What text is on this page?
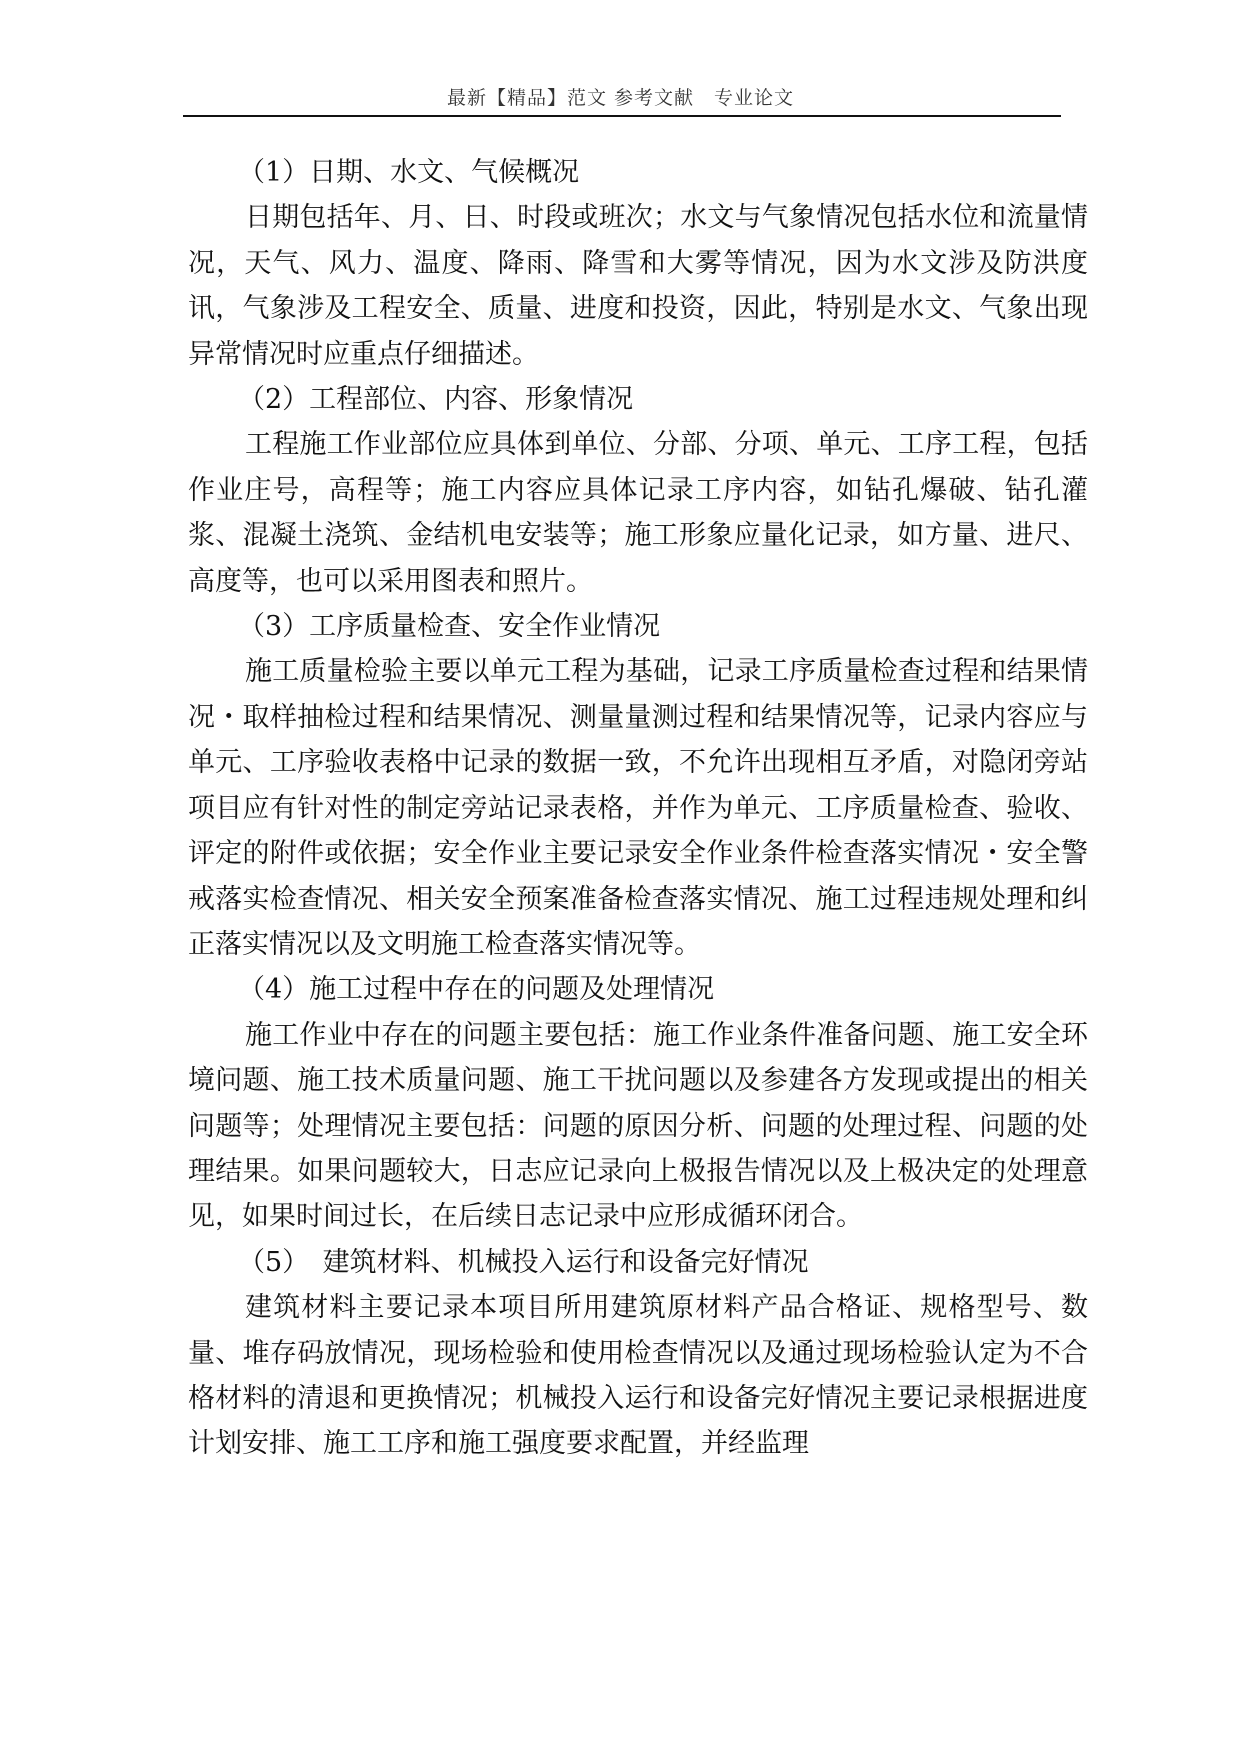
最新【精品】范文 参考文献　专业论文

（1）日期、水文、气候概况

日期包括年、月、日、时段或班次；水文与气象情况包括水位和流量情况，天气、风力、温度、降雨、降雪和大雾等情况，因为水文涉及防洪度讯，气象涉及工程安全、质量、进度和投资，因此，特别是水文、气象出现异常情况时应重点仔细描述。

（2）工程部位、内容、形象情况

工程施工作业部位应具体到单位、分部、分项、单元、工序工程，包括作业庄号，高程等；施工内容应具体记录工序内容，如钻孔爆破、钻孔灌浆、混凝土浇筑、金结机电安装等；施工形象应量化记录，如方量、进尺、高度等，也可以采用图表和照片。

（3）工序质量检查、安全作业情况

施工质量检验主要以单元工程为基础，记录工序质量检查过程和结果情况・取样抽检过程和结果情况、测量量测过程和结果情况等，记录内容应与单元、工序验收表格中记录的数据一致，不允许出现相互矛盾，对隐闭旁站项目应有针对性的制定旁站记录表格，并作为单元、工序质量检查、验收、评定的附件或依据；安全作业主要记录安全作业条件检查落实情况・安全警戒落实检查情况、相关安全预案准备检查落实情况、施工过程违规处理和纠正落实情况以及文明施工检查落实情况等。

（4）施工过程中存在的问题及处理情况

施工作业中存在的问题主要包括：施工作业条件准备问题、施工安全环境问题、施工技术质量问题、施工干扰问题以及参建各方发现或提出的相关问题等；处理情况主要包括：问题的原因分析、问题的处理过程、问题的处理结果。如果问题较大，日志应记录向上极报告情况以及上极决定的处理意见，如果时间过长，在后续日志记录中应形成循环闭合。

（5）　建筑材料、机械投入运行和设备完好情况

建筑材料主要记录本项目所用建筑原材料产品合格证、规格型号、数量、堆存码放情况，现场检验和使用检查情况以及通过现场检验认定为不合格材料的清退和更换情况；机械投入运行和设备完好情况主要记录根据进度计划安排、施工工序和施工强度要求配置，并经监理
